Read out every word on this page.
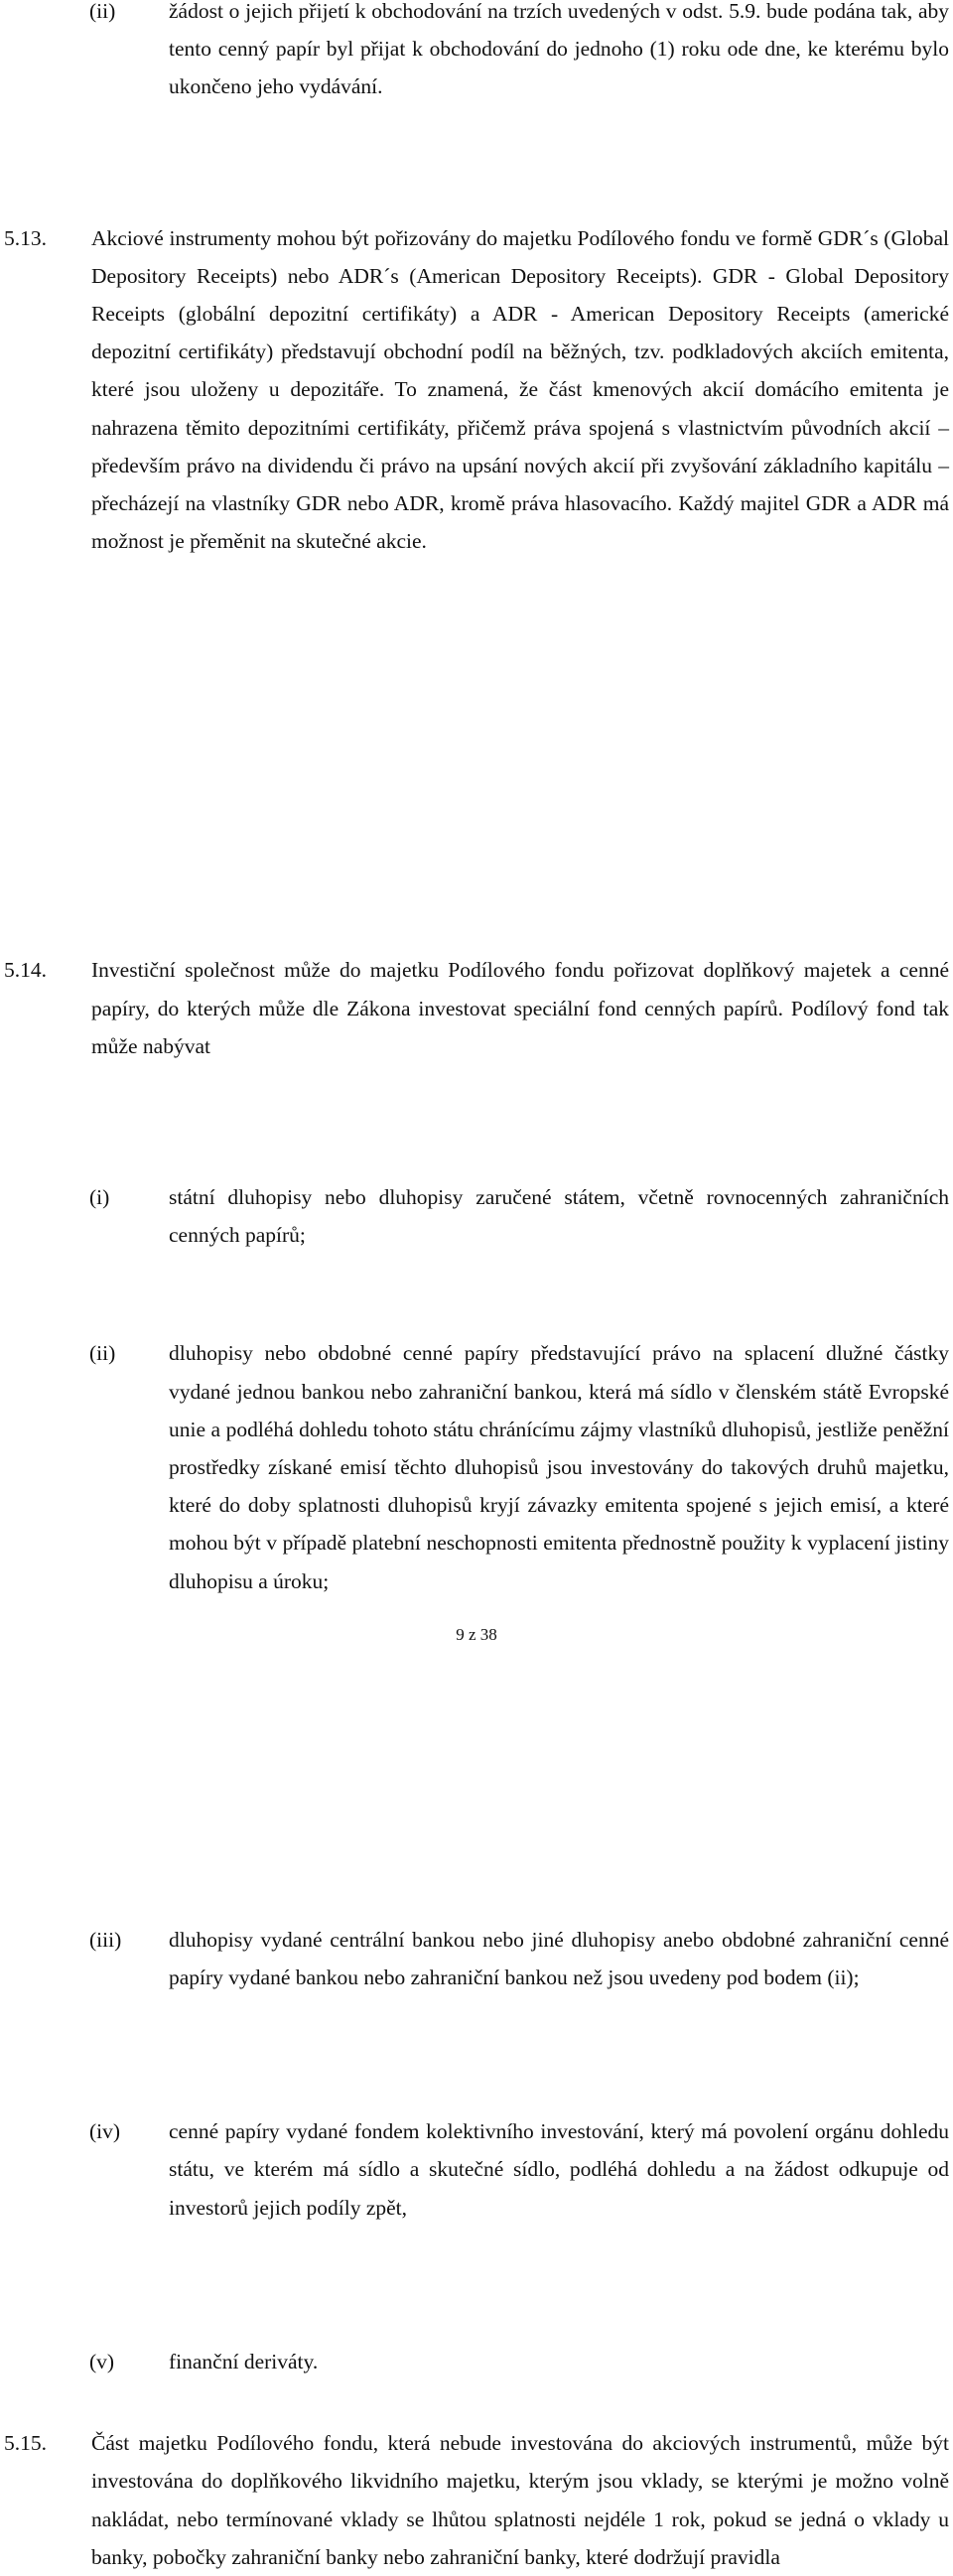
(ii) žádost o jejich přijetí k obchodování na trzích uvedených v odst. 5.9. bude podána tak, aby tento cenný papír byl přijat k obchodování do jednoho (1) roku ode dne, ke kterému bylo ukončeno jeho vydávání.
5.13. Akciové instrumenty mohou být pořizovány do majetku Podílového fondu ve formě GDR´s (Global Depository Receipts) nebo ADR´s (American Depository Receipts). GDR - Global Depository Receipts (globální depozitní certifikáty) a ADR - American Depository Receipts (americké depozitní certifikáty) představují obchodní podíl na běžných, tzv. podkladových akciích emitenta, které jsou uloženy u depozitáře. To znamená, že část kmenových akcií domácího emitenta je nahrazena těmito depozitními certifikáty, přičemž práva spojená s vlastnictvím původních akcií – především právo na dividendu či právo na upsání nových akcií při zvyšování základního kapitálu – přecházejí na vlastníky GDR nebo ADR, kromě práva hlasovacího. Každý majitel GDR a ADR má možnost je přeměnit na skutečné akcie.
5.14. Investiční společnost může do majetku Podílového fondu pořizovat doplňkový majetek a cenné papíry, do kterých může dle Zákona investovat speciální fond cenných papírů. Podílový fond tak může nabývat
(i)	státní dluhopisy nebo dluhopisy zaručené státem, včetně rovnocenných zahraničních cenných papírů;
(ii) dluhopisy nebo obdobné cenné papíry představující právo na splacení dlužné částky vydané jednou bankou nebo zahraniční bankou, která má sídlo v členském státě Evropské unie a podléhá dohledu tohoto státu chránícímu zájmy vlastníků dluhopisů, jestliže peněžní prostředky získané emisí těchto dluhopisů jsou investovány do takových druhů majetku, které do doby splatnosti dluhopisů kryjí závazky emitenta spojené s jejich emisí, a které mohou být v případě platební neschopnosti emitenta přednostně použity k vyplacení jistiny dluhopisu a úroku;
(iii) dluhopisy vydané centrální bankou nebo jiné dluhopisy anebo obdobné zahraniční cenné papíry vydané bankou nebo zahraniční bankou než jsou uvedeny pod bodem (ii);
(iv) cenné papíry vydané fondem kolektivního investování, který má povolení orgánu dohledu státu, ve kterém má sídlo a skutečné sídlo, podléhá dohledu a na žádost odkupuje od investorů jejich podíly zpět,
(v)	finanční deriváty.
5.15. Část majetku Podílového fondu, která nebude investována do akciových instrumentů, může být investována do doplňkového likvidního majetku, kterým jsou vklady, se kterými je možno volně nakládat, nebo termínované vklady se lhůtou splatnosti nejdéle 1 rok, pokud se jedná o vklady u banky, pobočky zahraniční banky nebo zahraniční banky, které dodržují pravidla
9 z 38
